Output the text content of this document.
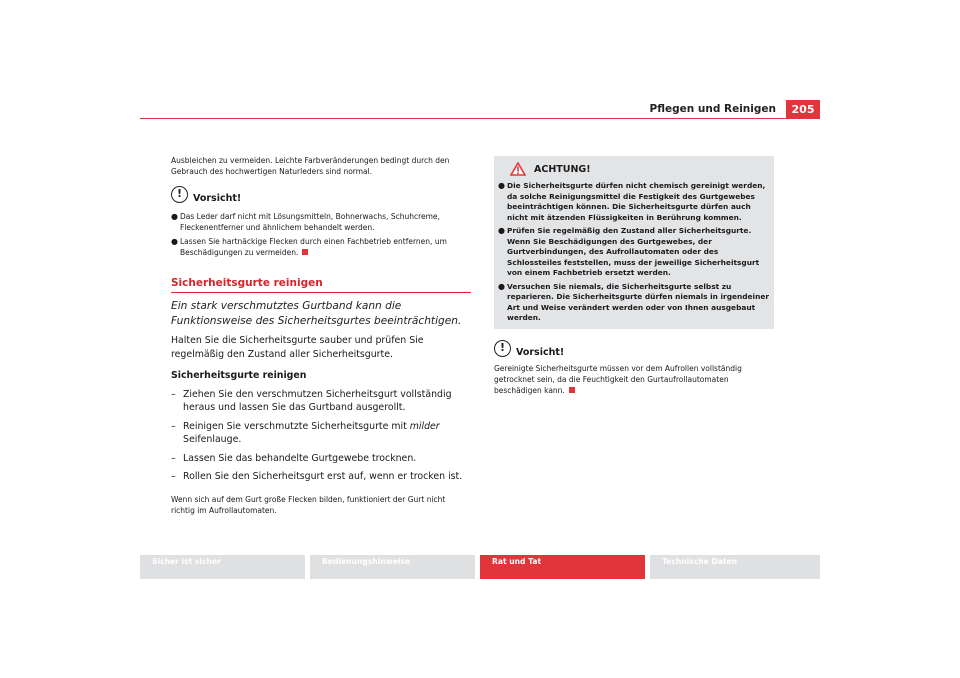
Pflegen und Reinigen	205

Ausbleichen zu vermeiden. Leichte Farbveränderungen bedingt durch den Gebrauch des hochwertigen Naturleders sind normal.

!	Vorsicht!
● Das Leder darf nicht mit Lösungsmitteln, Bohnerwachs, Schuhcreme, Fleckenentferner und ähnlichem behandelt werden.

● Lassen Sie hartnäckige Flecken durch einen Fachbetrieb entfernen, um Beschädigungen zu vermeiden.

Sicherheitsgurte reinigen

Ein stark verschmutztes Gurtband kann die Funktionsweise des Sicherheitsgurtes beeinträchtigen.

Halten Sie die Sicherheitsgurte sauber und prüfen Sie regelmäßig den Zustand aller Sicherheitsgurte.

Sicherheitsgurte reinigen
– Ziehen Sie den verschmutzen Sicherheitsgurt vollständig heraus und lassen Sie das Gurtband ausgerollt.
– Reinigen Sie verschmutzte Sicherheitsgurte mit milder Seifenlauge.
– Lassen Sie das behandelte Gurtgewebe trocknen.
– Rollen Sie den Sicherheitsgurt erst auf, wenn er trocken ist.

Wenn sich auf dem Gurt große Flecken bilden, funktioniert der Gurt nicht richtig im Aufrollautomaten.

ACHTUNG!
● Die Sicherheitsgurte dürfen nicht chemisch gereinigt werden, da solche Reinigungsmittel die Festigkeit des Gurtgewebes beeinträchtigen können. Die Sicherheitsgurte dürfen auch nicht mit ätzenden Flüssigkeiten in Berührung kommen.
● Prüfen Sie regelmäßig den Zustand aller Sicherheitsgurte. Wenn Sie Beschädigungen des Gurtgewebes, der Gurtverbindungen, des Aufrollautomaten oder des Schlossteiles feststellen, muss der jeweilige Sicherheitsgurt von einem Fachbetrieb ersetzt werden.
● Versuchen Sie niemals, die Sicherheitsgurte selbst zu reparieren. Die Sicherheitsgurte dürfen niemals in irgendeiner Art und Weise verändert werden oder von Ihnen ausgebaut werden.
!	Vorsicht!

Gereinigte Sicherheitsgurte müssen vor dem Aufrollen vollständig getrocknet sein, da die Feuchtigkeit den Gurtaufrollautomaten beschädigen kann.

Sicher ist sicher	Bedienungshinweise	Rat und Tat	Technische Daten
